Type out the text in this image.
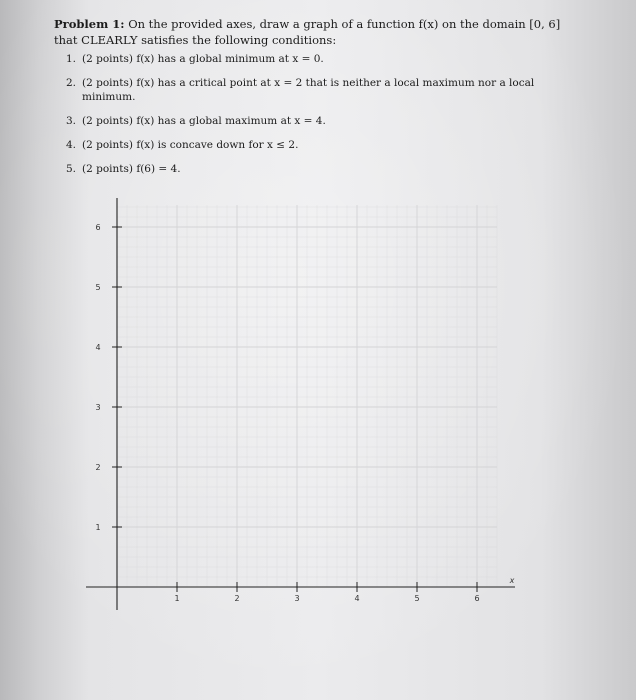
Problem 1: On the provided axes, draw a graph of a function f(x) on the domain [0, 6] that CLEARLY satisfies the following conditions:
1. (2 points) f(x) has a global minimum at x = 0.
2. (2 points) f(x) has a critical point at x = 2 that is neither a local maximum nor a local minimum.
3. (2 points) f(x) has a global maximum at x = 4.
4. (2 points) f(x) is concave down for x ≤ 2.
5. (2 points) f(6) = 4.
1	2	3	4	5	6
1
2
3
4
5
6
x
